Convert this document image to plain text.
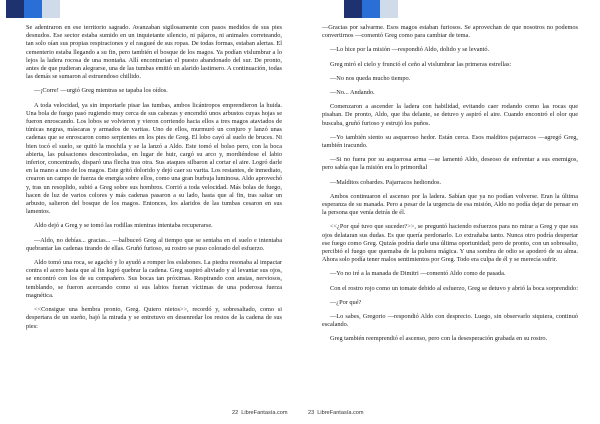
Se adentraron en ese territorio sagrado. Avanzaban sigilosamente con pasos medidos de sus pies desnudos. Ese sector estaba sumido en un inquietante silencio, ni pájaros, ni animales correteando, tan solo oían sus propias respiraciones y el rasgueé de sus ropas. De todas formas, estaban alertas. El cementerio estaba llegando a su fin, pero también el bosque de los magos. Ya podían vislumbrar a lo lejos la ladera rocosa de una montaña. Allí encontrarían el puesto abandonado del sur. De pronto, antes de que pudieran alegrarse, una de las tumbas emitió un alarido lastimero. A continuación, todas las demás se sumaron al estruendoso chillido.

—¡Corre! —urgió Greg mientras se tapaba los oídos.

A toda velocidad, ya sin importarle pisar las tumbas, ambos licántropos emprendieron la huida. Una bola de fuego pasó rugiendo muy cerca de sus cabezas y encendió unos arbustos cuyas hojas se fueron enroscando. Los lobos se volvieron y vieron corriendo hacia ellos a tres magos ataviados de túnicas negras, máscaras y armados de varitas. Uno de ellos, murmuró un conjuro y lanzó unas cadenas que se enroscaron como serpientes en los pies de Greg. El lobo cayó al suelo de bruces. Ni bien tocó el suelo, se quitó la mochila y se la lanzó a Aldo. Este tomó el bolso pero, con la boca abierta, las pulsaciones descontroladas, en lugar de huir, cargó su arco y, mordiéndose el labio inferior, concentrado, disparó una flecha tras otra. Sus ataques silbaron al cortar el aire. Logró darle en la mano a uno de los magos. Este gritó dolorido y dejó caer su varita. Los restantes, de inmediato, crearon un campo de fuerza de energía sobre ellos, como una gran burbuja luminosa. Aldo aprovechó y, tras un resoplido, subió a Greg sobre sus hombros. Corrió a toda velocidad. Más bolas de fuego, hacen de luz de varios colores y más cadenas pasaron a su lado, hasta que al fin, tras saltar un arbusto, salieron del bosque de los magos. Entonces, los alaridos de las tumbas cesaron en sus lamentos.

Aldo dejó a Greg y se tomó las rodillas mientras intentaba recuperarse.

—Aldo, no debías... gracias... —balbuceó Greg al tiempo que se sentaba en el suelo e intentaba quebrantar las cadenas tirando de ellas. Gruñó furioso, su rostro se puso colorado del esfuerzo.

Aldo tomó una roca, se agachó y lo ayudó a romper los eslabones. La piedra resonaba al impactar contra el acero hasta que al fin logró quebrar la cadena. Greg suspiró aliviado y al levantar sus ojos, se encontró con los de su compañero. Sus bocas tan próximas. Respirando con ansias, nerviosos, temblando, se fueron acercando como si sus labios fueran víctimas de una poderosa fuerza magnética.

<<Consigue una hembra pronto, Greg. Quiero nietos>>, recordó y, sobresaltado, como si despertara de un sueño, bajó la mirada y se entretuvo en desenredar los restos de la cadena de sus pies:

22 LibreFantasía.com

—Gracias por salvarme. Esos magos estaban furiosos. Se aprovechan de que nosotros no podemos convertirnos —comentó Greg como para cambiar de tema.

—Lo hice por la misión —respondió Aldo, dolido y se levantó.

Greg miró el cielo y frunció el ceño al vislumbrar las primeras estrellas:

—No nos queda mucho tiempo.

—No... Andando.

Comenzaron a ascender la ladera con habilidad, evitando caer rodando como las rocas que pisaban. De pronto, Aldo, que iba delante, se detuvo y aspiró el aire. Cuando encontró el olor que buscaba, gruñó furioso y estrujó los puños.

—Yo también siento su asqueroso hedor. Están cerca. Esos malditos pajarracos —agregó Greg, también iracundo.

—Si no fuera por su asquerosa arma —se lamentó Aldo, deseoso de enfrentar a sus enemigos, pero sabía que la misión era lo primordial

—Malditos cobardes. Pajarracos hediondos.

Ambos continuaron el ascenso por la ladera. Sabían que ya no podían volverse. Eran la última esperanza de su manada. Pero a pesar de la urgencia de esa misión, Aldo no podía dejar de pensar en la persona que venía detrás de él.

<<¿Por qué tuvo que suceder?>>, se preguntó haciendo esfuerzos para no mirar a Greg y que sus ojos delataran sus dudas. Es que quería perdonarlo. Lo extrañaba tanto. Nunca otro podría despertar ese fuego como Greg. Quizás podría darle una última oportunidad; pero de pronto, con un sobresalto, percibió el fuego que quemaba de la pulsera mágica. Y una sombra de odio se apoderó de su alma. Ahora solo podía tener malos sentimientos por Greg. Todo era culpa de él y se merecía sufrir.

—Yo no iré a la manada de Dimitri —comentó Aldo como de pasada.

Con el rostro rojo como un tomate debido al esfuerzo, Greg se detuvo y abrió la boca sorprendido:

—¿Por qué?

—Lo sabes, Gregorio —respondió Aldo con desprecio. Luego, sin observarlo siquiera, continuó escalando.

Greg también reemprendió el ascenso, pero con la desesperación grabada en su rostro.

23 LibreFantasía.com
